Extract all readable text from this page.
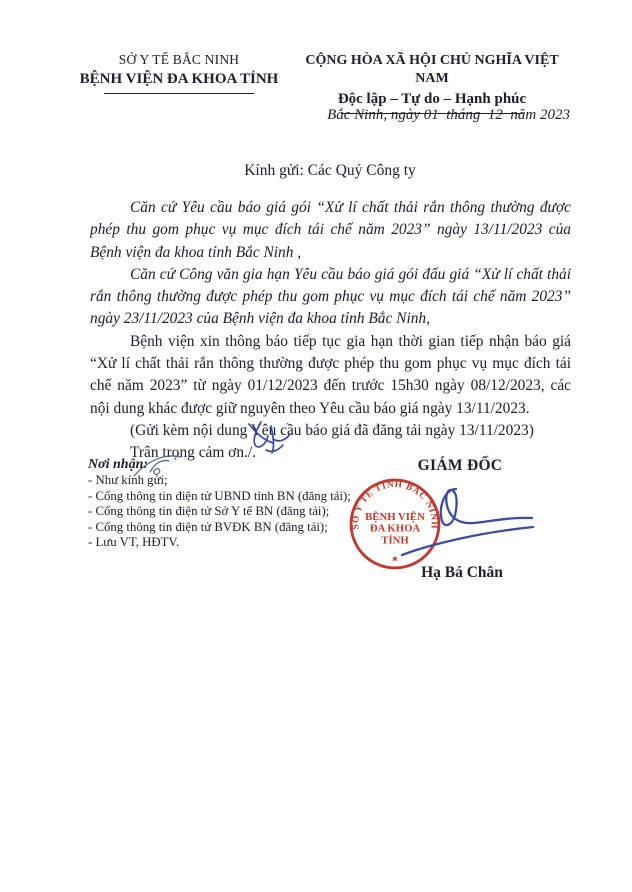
SỞ Y TẾ BẮC NINH
BỆNH VIỆN ĐA KHOA TỈNH
CỘNG HÒA XÃ HỘI CHỦ NGHĨA VIỆT NAM
Độc lập – Tự do – Hạnh phúc
Bắc Ninh, ngày 01  tháng  12  năm 2023
Kính gửi: Các Quý Công ty

Căn cứ Yêu cầu báo giá gói “Xử lí chất thải rắn thông thường được phép thu gom phục vụ mục đích tái chế năm 2023” ngày 13/11/2023 của Bệnh viện đa khoa tỉnh Bắc Ninh ,

Căn cứ Công văn gia hạn Yêu cầu báo giá gói đấu giá “Xử lí chất thải rắn thông thường được phép thu gom phục vụ mục đích tái chế năm 2023” ngày 23/11/2023 của Bệnh viện đa khoa tỉnh Bắc Ninh,

Bệnh viện xin thông báo tiếp tục gia hạn thời gian tiếp nhận báo giá “Xử lí chất thải rắn thông thường được phép thu gom phục vụ mục đích tái chế năm 2023” từ ngày 01/12/2023 đến trước 15h30 ngày 08/12/2023, các nội dung khác được giữ nguyên theo Yêu cầu báo giá ngày 13/11/2023.

(Gửi kèm nội dung Yêu cầu báo giá đã đăng tải ngày 13/11/2023)

Trân trọng cảm ơn./.

Nơi nhận:
- Như kính gửi;
- Cổng thông tin điện tử UBND tỉnh BN (đăng tải);
- Cổng thông tin điện tử Sở Y tế BN (đăng tải);
- Cổng thông tin điện tử BVĐK BN (đăng tải);
- Lưu VT, HĐTV.
GIÁM ĐỐC
SỞ Y TẾ TỈNH BẮC NINH
BỆNH VIỆN
ĐA KHOA
TỈNH
★
Hạ Bá Chân
